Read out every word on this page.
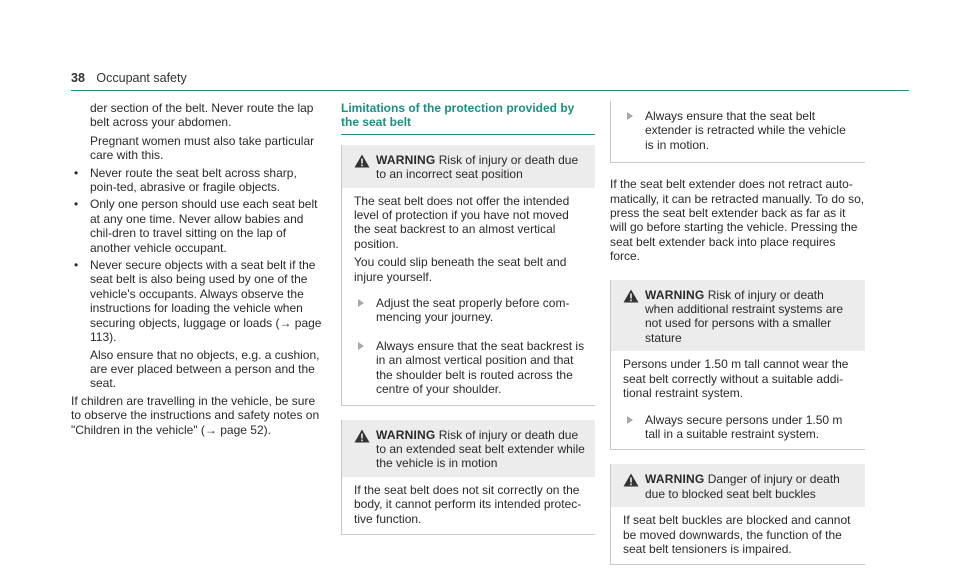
38 Occupant safety

der section of the belt. Never route the lap belt across your abdomen.

Pregnant women must also take particular care with this.

• Never route the seat belt across sharp, poin-ted, abrasive or fragile objects.

• Only one person should use each seat belt at any one time. Never allow babies and chil-dren to travel sitting on the lap of another vehicle occupant.

• Never secure objects with a seat belt if the seat belt is also being used by one of the vehicle's occupants. Always observe the instructions for loading the vehicle when securing objects, luggage or loads (→ page 113).

Also ensure that no objects, e.g. a cushion, are ever placed between a person and the seat.

If children are travelling in the vehicle, be sure to observe the instructions and safety notes on "Children in the vehicle" (→ page 52).

Limitations of the protection provided by the seat belt
WARNING Risk of injury or death due to an incorrect seat position

The seat belt does not offer the intended level of protection if you have not moved the seat backrest to an almost vertical position.

You could slip beneath the seat belt and injure yourself.

Adjust the seat properly before com-mencing your journey.
Always ensure that the seat backrest is in an almost vertical position and that the shoulder belt is routed across the centre of your shoulder.
WARNING Risk of injury or death due to an extended seat belt extender while the vehicle is in motion

If the seat belt does not sit correctly on the body, it cannot perform its intended protec-tive function.

Always ensure that the seat belt extender is retracted while the vehicle is in motion.

If the seat belt extender does not retract auto-matically, it can be retracted manually. To do so, press the seat belt extender back as far as it will go before starting the vehicle. Pressing the seat belt extender back into place requires force.

WARNING Risk of injury or death when additional restraint systems are not used for persons with a smaller stature

Persons under 1.50 m tall cannot wear the seat belt correctly without a suitable addi-tional restraint system.

Always secure persons under 1.50 m tall in a suitable restraint system.
WARNING Danger of injury or death due to blocked seat belt buckles

If seat belt buckles are blocked and cannot be moved downwards, the function of the seat belt tensioners is impaired.
